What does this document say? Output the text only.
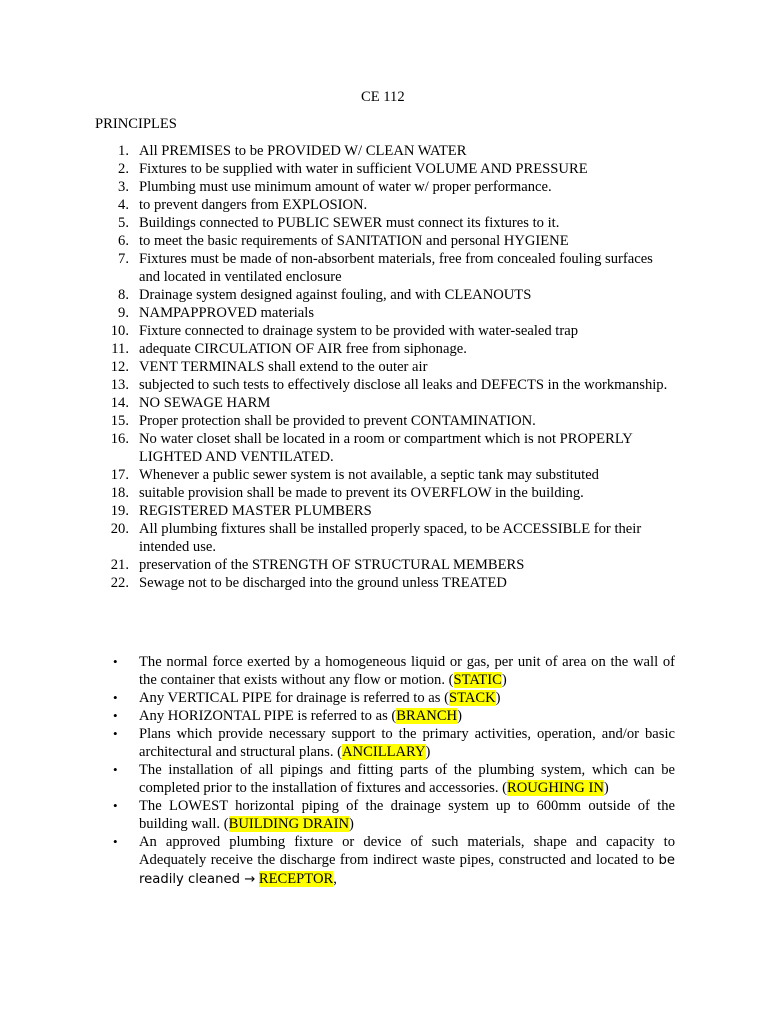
CE 112
PRINCIPLES
1 . All PREMISES to be PROVIDED W/ CLEAN WATER
2 . Fixtures to be supplied with water in sufficient VOLUME AND PRESSURE
3 . Plumbing must use minimum amount of water w/ proper performance.
4 . to prevent dangers from EXPLOSION.
5 . Buildings connected to PUBLIC SEWER must connect its fixtures to it.
6 . to meet the basic requirements of SANITATION and personal HYGIENE
7 . Fixtures must be made of non-absorbent materials, free from concealed fouling surfaces and located in ventilated enclosure
8 . Drainage system designed against fouling, and with CLEANOUTS
9 . NAMPAPPROVED materials
10 . Fixture connected to drainage system to be provided with water-sealed trap
11 . adequate CIRCULATION OF AIR free from siphonage.
12 . VENT TERMINALS shall extend to the outer air
13 . subjected to such tests to effectively disclose all leaks and DEFECTS in the workmanship.
14 . NO SEWAGE HARM
15 . Proper protection shall be provided to prevent CONTAMINATION.
16 . No water closet shall be located in a room or compartment which is not PROPERLY LIGHTED AND VENTILATED.
17 . Whenever a public sewer system is not available, a septic tank may substituted
18 . suitable provision shall be made to prevent its OVERFLOW in the building.
19 . REGISTERED MASTER PLUMBERS
20 . All plumbing fixtures shall be installed properly spaced, to be ACCESSIBLE for their intended use.
21 . preservation of the STRENGTH OF STRUCTURAL MEMBERS
22 . Sewage not to be discharged into the ground unless TREATED
• The normal force exerted by a homogeneous liquid or gas, per unit of area on the wall of the container that exists without any flow or motion. (STATIC)
• Any VERTICAL PIPE for drainage is referred to as (STACK)
• Any HORIZONTAL PIPE is referred to as (BRANCH)
• Plans which provide necessary support to the primary activities, operation, and/or basic architectural and structural plans. (ANCILLARY)
• The installation of all pipings and fitting parts of the plumbing system, which can be completed prior to the installation of fixtures and accessories. (ROUGHING IN)
• The LOWEST horizontal piping of the drainage system up to 600mm outside of the building wall. (BUILDING DRAIN)
• An approved plumbing fixture or device of such materials, shape and capacity to Adequately receive the discharge from indirect waste pipes, constructed and located to be readily cleaned → RECEPTOR,
